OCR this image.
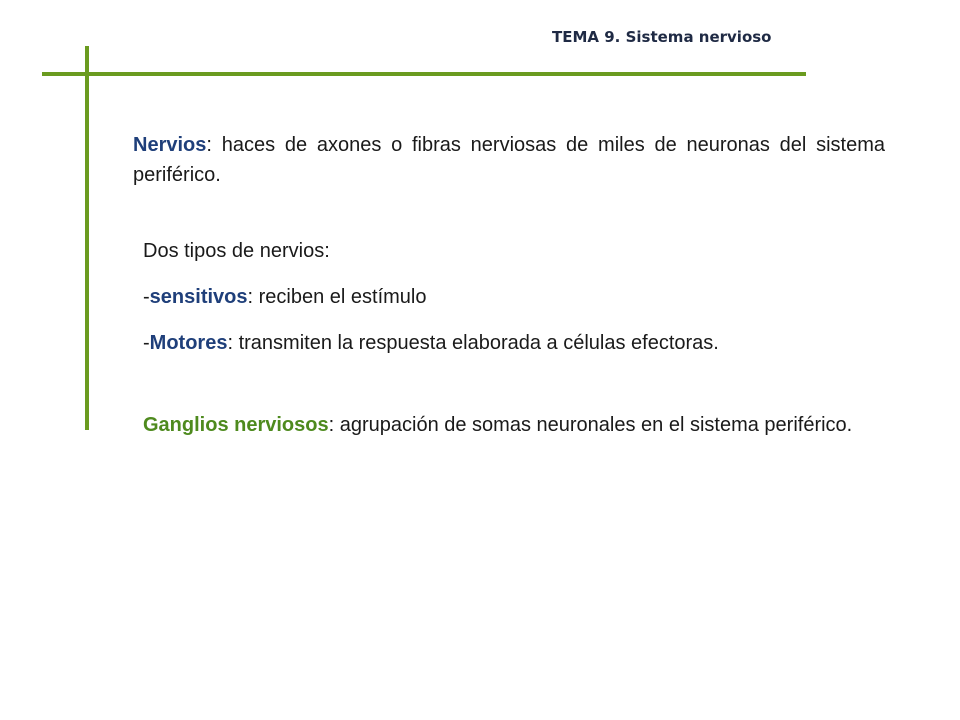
TEMA 9. Sistema nervioso

Nervios: haces de axones o fibras nerviosas de miles de neuronas del sistema periférico.

Dos tipos de nervios:
-sensitivos: reciben el estímulo
-Motores: transmiten la respuesta elaborada a células efectoras.

Ganglios nerviosos: agrupación de somas neuronales en el sistema periférico.
